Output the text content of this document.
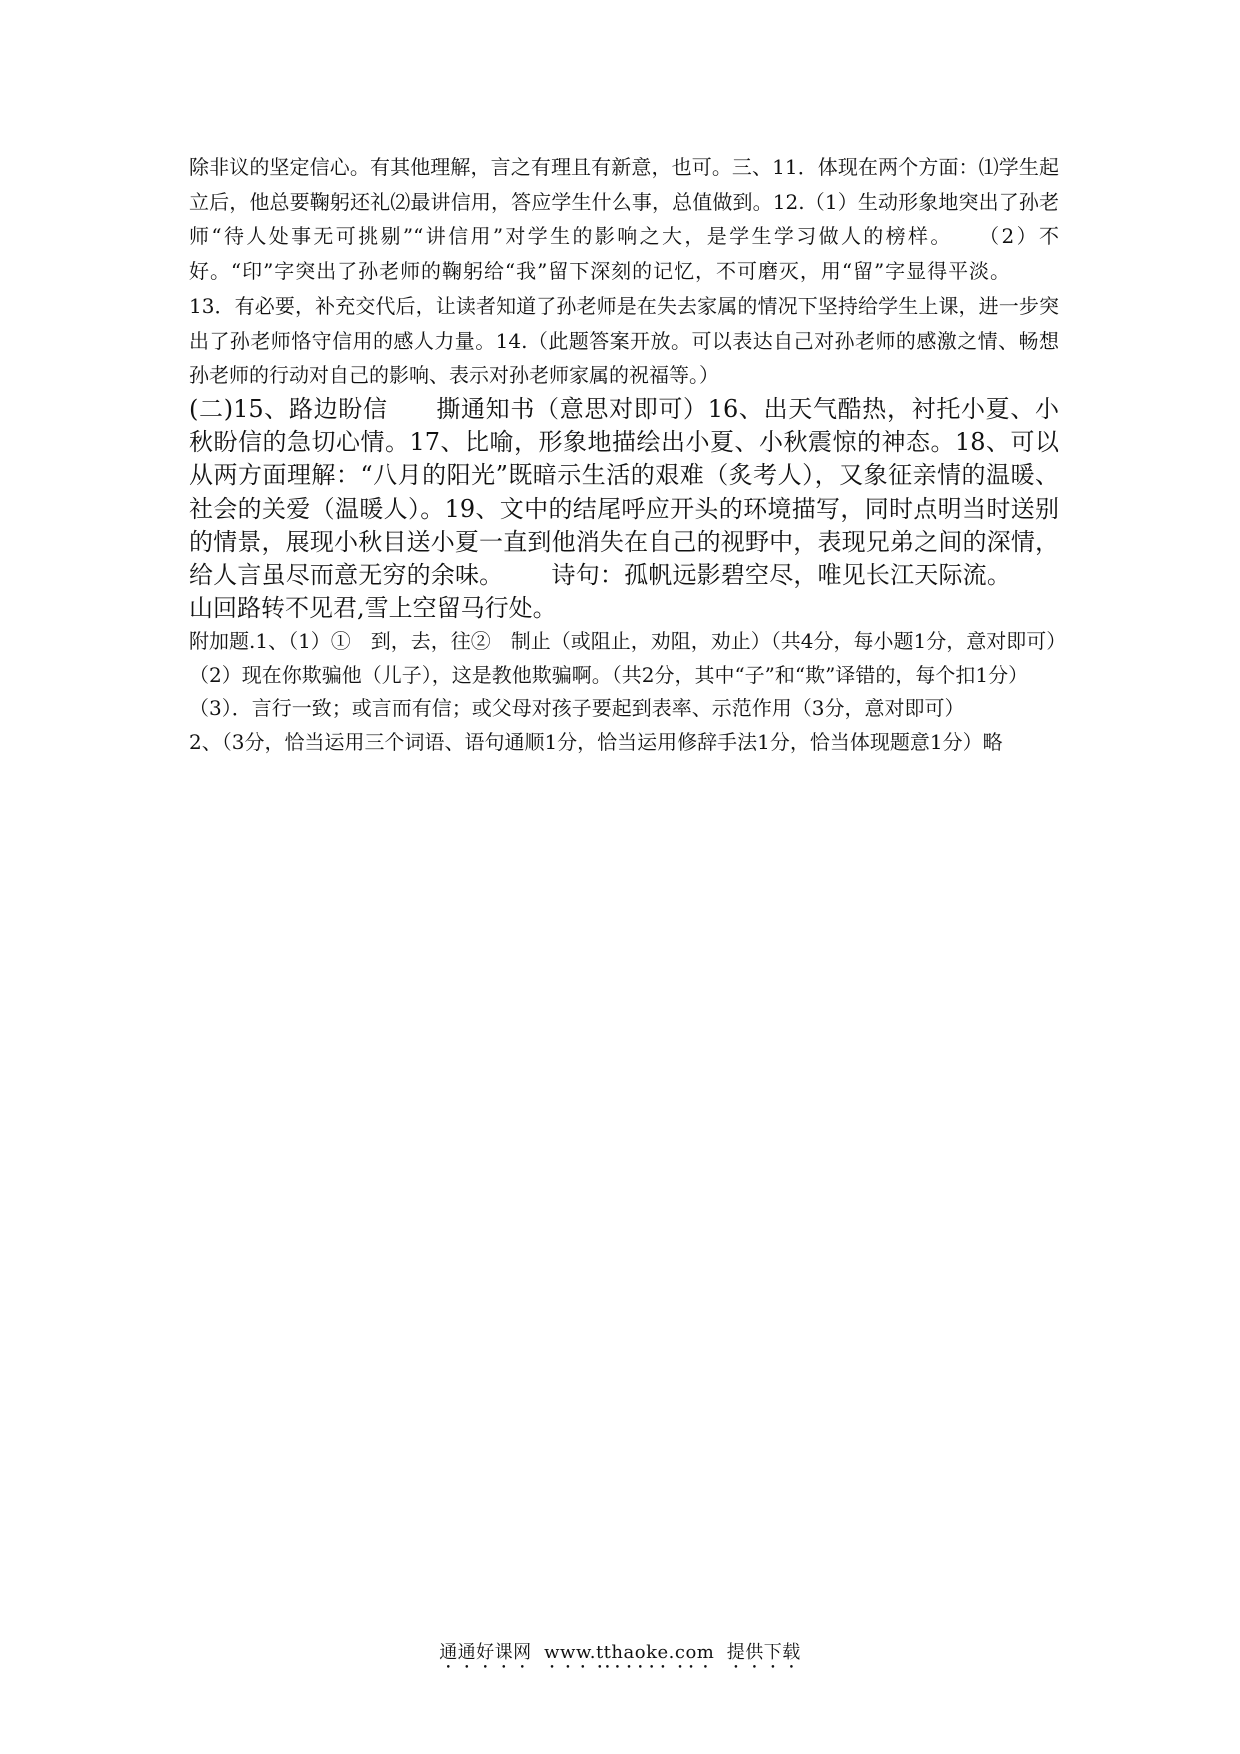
除非议的坚定信心。有其他理解，言之有理且有新意，也可。三、11．体现在两个方面：⑴学生起立后，他总要鞠躬还礼⑵最讲信用，答应学生什么事，总值做到。12.（1）生动形象地突出了孙老师“待人处事无可挑剔”“讲信用”对学生的影响之大，是学生学习做人的榜样。 （2）不好。“印”字突出了孙老师的鞠躬给“我”留下深刻的记忆，不可磨灭，用“留”字显得平淡。13．有必要，补充交代后，让读者知道了孙老师是在失去家属的情况下坚持给学生上课，进一步突出了孙老师恪守信用的感人力量。14.（此题答案开放。可以表达自己对孙老师的感激之情、畅想孙老师的行动对自己的影响、表示对孙老师家属的祝福等。）

(二)15、路边盼信 撕通知书（意思对即可）16、出天气酷热，衬托小夏、小秋盼信的急切心情。17、比喻，形象地描绘出小夏、小秋震惊的神态。18、可以从两方面理解：“八月的阳光”既暗示生活的艰难（炙考人），又象征亲情的温暖、社会的关爱（温暖人）。19、文中的结尾呼应开头的环境描写，同时点明当时送别的情景，展现小秋目送小夏一直到他消失在自己的视野中，表现兄弟之间的深情，给人言虽尽而意无穷的余味。 诗句：孤帆远影碧空尽，唯见长江天际流。山回路转不见君,雪上空留马行处。

附加题.1、（1）①　到，去，往②　制止（或阻止，劝阻，劝止）（共4分，每小题1分，意对即可）

（2）现在你欺骗他（儿子），这是教他欺骗啊。（共2分，其中“子”和“欺”译错的，每个扣1分）

（3）．言行一致；或言而有信；或父母对孩子要起到表率、示范作用（3分，意对即可）

2、（3分，恰当运用三个词语、语句通顺1分，恰当运用修辞手法1分，恰当体现题意1分）略

通通好课网 www.tthaoke.com 提供下载
